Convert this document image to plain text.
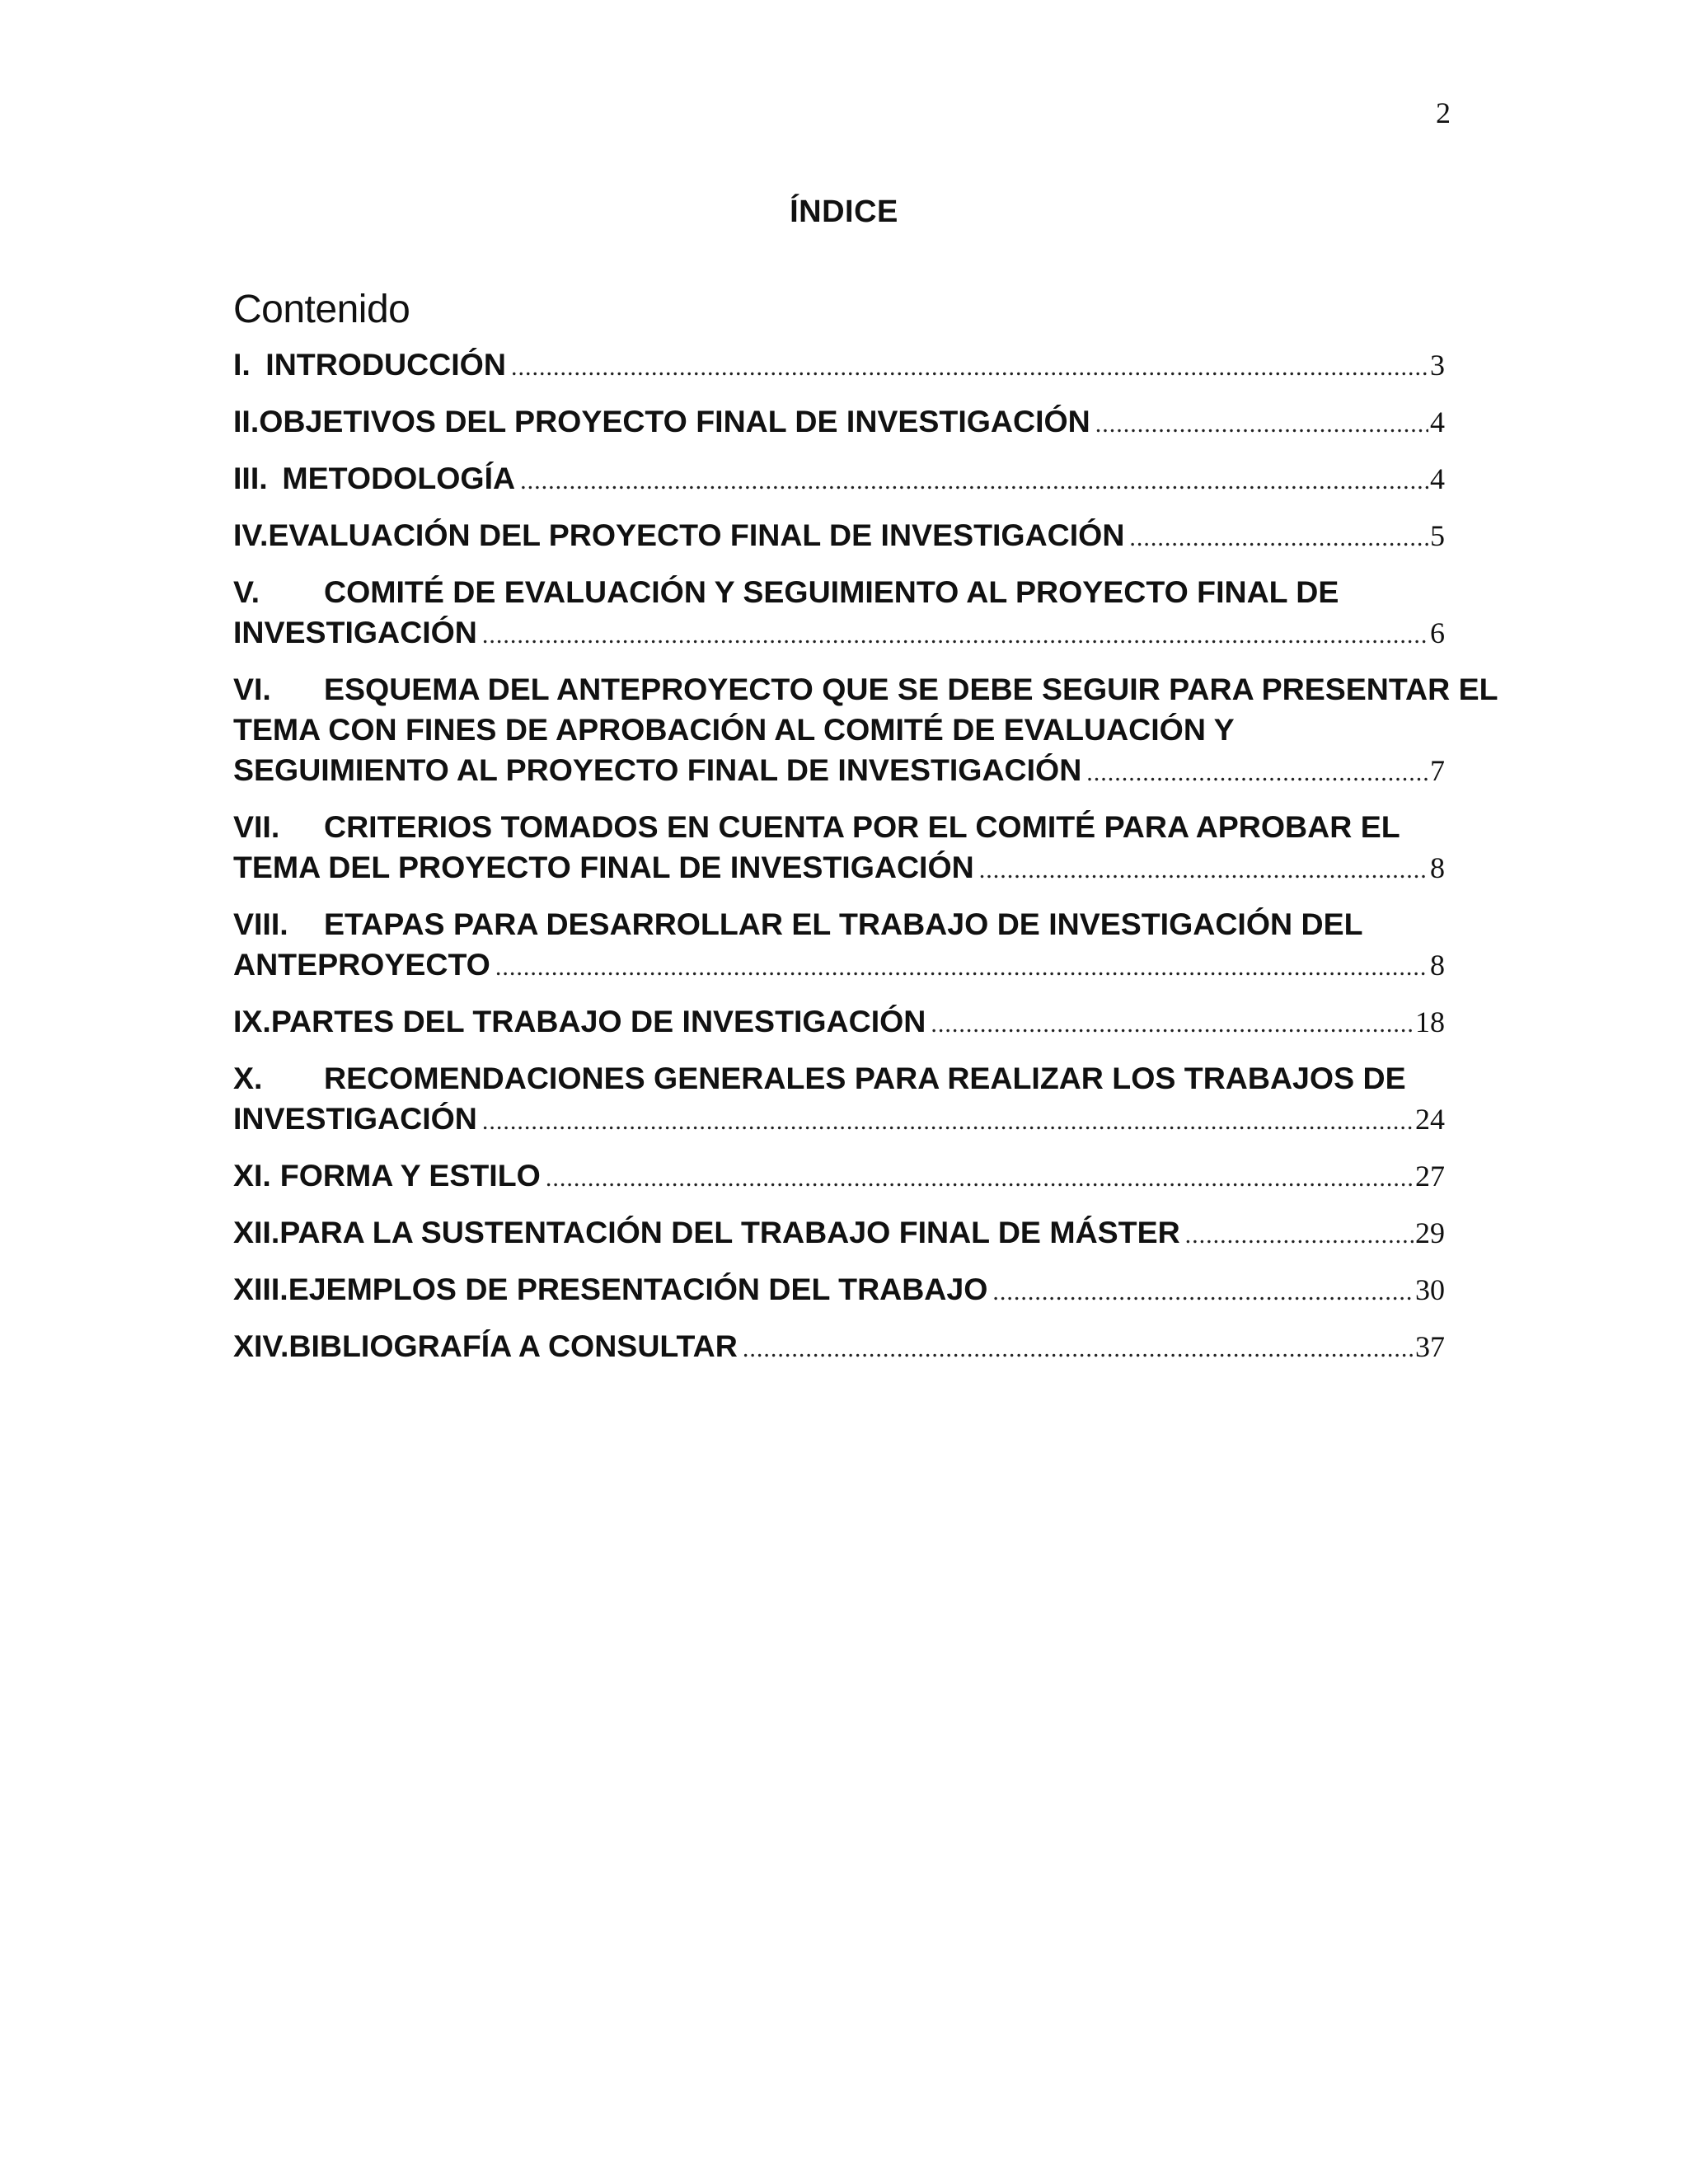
2
ÍNDICE
Contenido
I. INTRODUCCIÓN .....	3
II. OBJETIVOS DEL PROYECTO FINAL DE INVESTIGACIÓN .....	4
III. METODOLOGÍA .....	4
IV. EVALUACIÓN DEL PROYECTO FINAL DE INVESTIGACIÓN .....	5
V. COMITÉ DE EVALUACIÓN Y SEGUIMIENTO AL PROYECTO FINAL DE
INVESTIGACIÓN .....	6
VI. ESQUEMA DEL ANTEPROYECTO QUE SE DEBE SEGUIR PARA PRESENTAR EL
TEMA CON FINES DE APROBACIÓN AL COMITÉ DE EVALUACIÓN Y
SEGUIMIENTO AL PROYECTO FINAL DE INVESTIGACIÓN .....	7
VII. CRITERIOS TOMADOS EN CUENTA POR EL COMITÉ PARA APROBAR EL
TEMA DEL PROYECTO FINAL DE INVESTIGACIÓN .....	8
VIII. ETAPAS PARA DESARROLLAR EL TRABAJO DE INVESTIGACIÓN DEL
ANTEPROYECTO .....	8
IX. PARTES DEL TRABAJO DE INVESTIGACIÓN .....	18
X. RECOMENDACIONES GENERALES PARA REALIZAR LOS TRABAJOS DE
INVESTIGACIÓN .....	24
XI. FORMA Y ESTILO .....	27
XII. PARA LA SUSTENTACIÓN DEL TRABAJO FINAL DE MÁSTER .....	29
XIII. EJEMPLOS DE PRESENTACIÓN DEL TRABAJO .....	30
XIV. BIBLIOGRAFÍA A CONSULTAR .....	37
